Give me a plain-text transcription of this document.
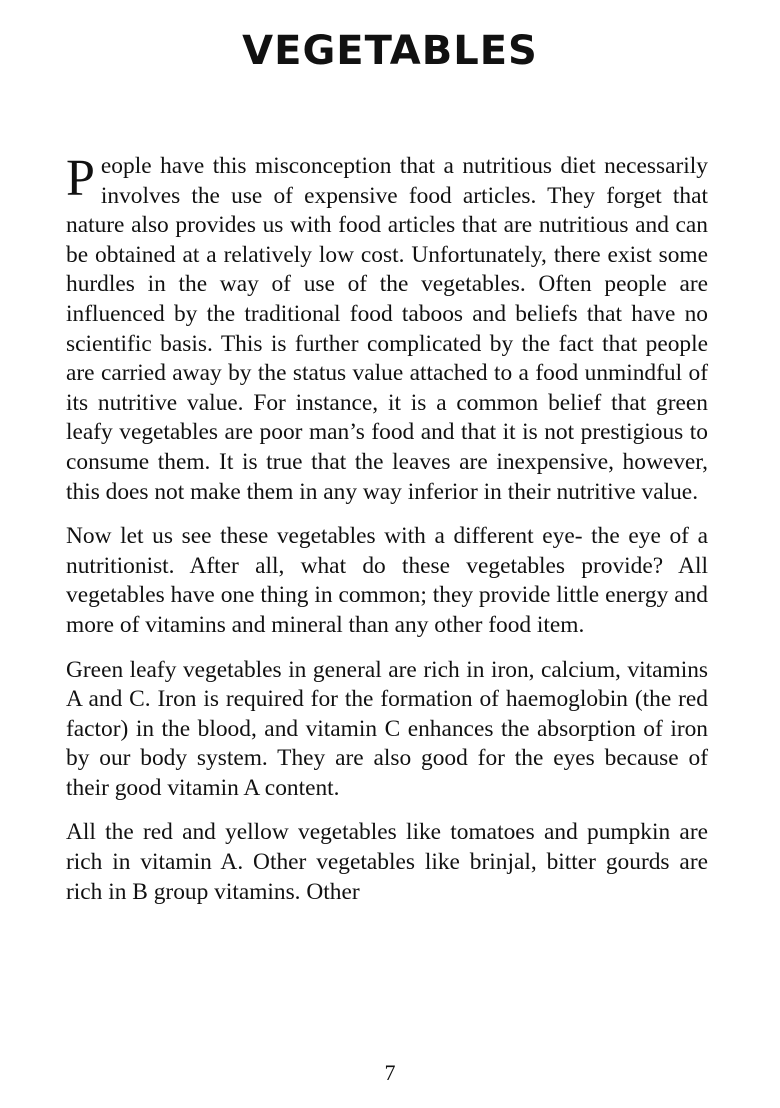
VEGETABLES

People have this misconception that a nutritious diet necessarily involves the use of expensive food articles. They forget that nature also provides us with food articles that are nutritious and can be obtained at a relatively low cost. Unfortunately, there exist some hurdles in the way of use of the vegetables. Often people are influenced by the traditional food taboos and beliefs that have no scientific basis. This is further complicated by the fact that people are carried away by the status value attached to a food unmindful of its nutritive value. For instance, it is a common belief that green leafy vegetables are poor man’s food and that it is not prestigious to consume them. It is true that the leaves are inexpensive, however, this does not make them in any way inferior in their nutritive value.

Now let us see these vegetables with a different eye- the eye of a nutritionist. After all, what do these vegetables provide? All vegetables have one thing in common; they provide little energy and more of vitamins and mineral than any other food item.

Green leafy vegetables in general are rich in iron, calcium, vitamins A and C. Iron is required for the formation of haemoglobin (the red factor) in the blood, and vitamin C enhances the absorption of iron by our body system. They are also good for the eyes because of their good vitamin A content.

All the red and yellow vegetables like tomatoes and pumpkin are rich in vitamin A. Other vegetables like brinjal, bitter gourds are rich in B group vitamins. Other

7
